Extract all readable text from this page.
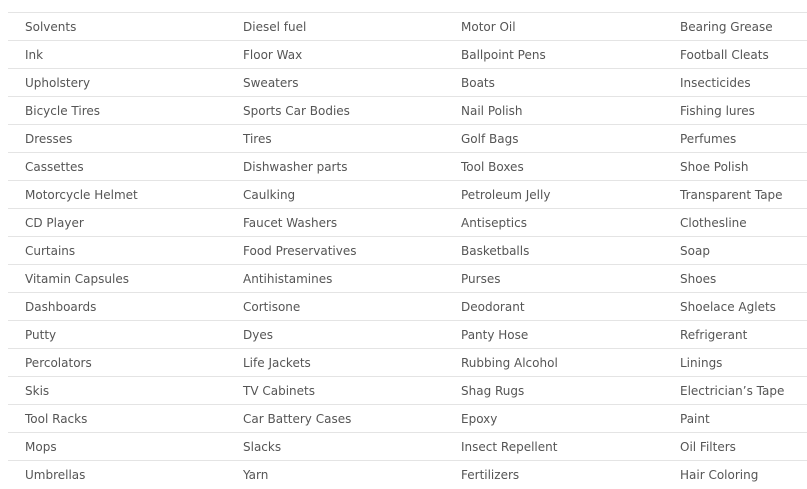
Solvents	Diesel fuel	Motor Oil	Bearing Grease
Ink	Floor Wax	Ballpoint Pens	Football Cleats
Upholstery	Sweaters	Boats	Insecticides
Bicycle Tires	Sports Car Bodies	Nail Polish	Fishing lures
Dresses	Tires	Golf Bags	Perfumes
Cassettes	Dishwasher parts	Tool Boxes	Shoe Polish
Motorcycle Helmet	Caulking	Petroleum Jelly	Transparent Tape
CD Player	Faucet Washers	Antiseptics	Clothesline
Curtains	Food Preservatives	Basketballs	Soap
Vitamin Capsules	Antihistamines	Purses	Shoes
Dashboards	Cortisone	Deodorant	Shoelace Aglets
Putty	Dyes	Panty Hose	Refrigerant
Percolators	Life Jackets	Rubbing Alcohol	Linings
Skis	TV Cabinets	Shag Rugs	Electrician’s Tape
Tool Racks	Car Battery Cases	Epoxy	Paint
Mops	Slacks	Insect Repellent	Oil Filters
Umbrellas	Yarn	Fertilizers	Hair Coloring
